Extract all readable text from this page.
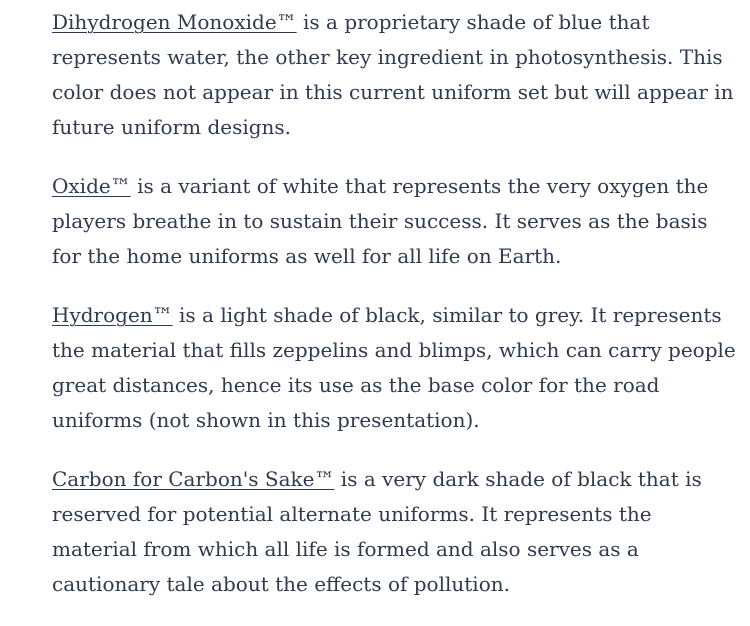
Dihydrogen Monoxide™ is a proprietary shade of blue that represents water, the other key ingredient in photosynthesis. This color does not appear in this current uniform set but will appear in future uniform designs.

Oxide™ is a variant of white that represents the very oxygen the players breathe in to sustain their success. It serves as the basis for the home uniforms as well for all life on Earth.

Hydrogen™ is a light shade of black, similar to grey. It represents the material that fills zeppelins and blimps, which can carry people great distances, hence its use as the base color for the road uniforms (not shown in this presentation).

Carbon for Carbon's Sake™ is a very dark shade of black that is reserved for potential alternate uniforms. It represents the material from which all life is formed and also serves as a cautionary tale about the effects of pollution.
